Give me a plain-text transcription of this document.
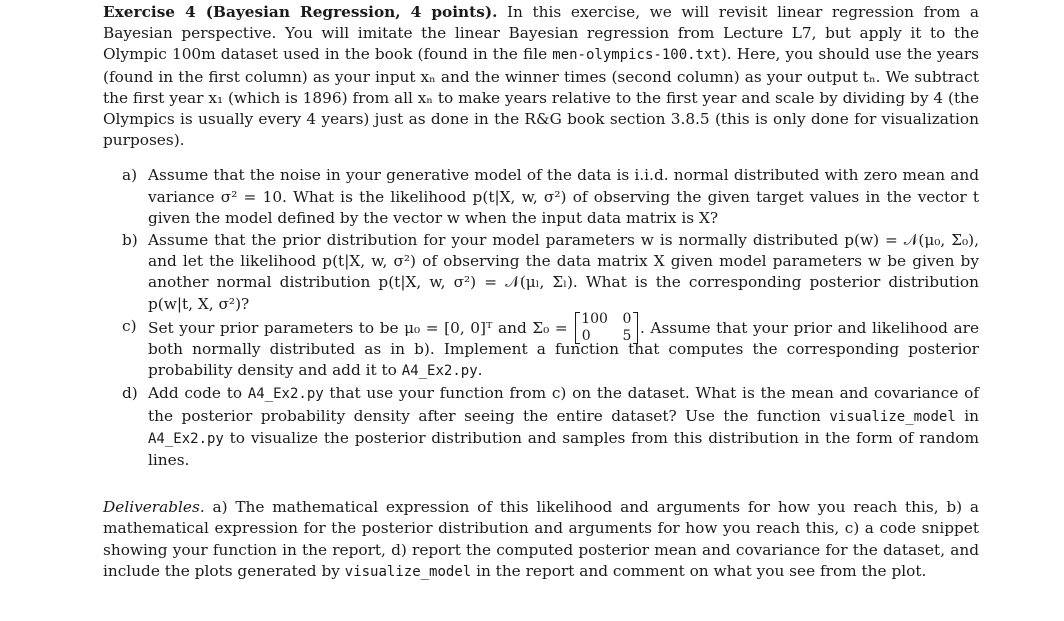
Exercise 4 (Bayesian Regression, 4 points). In this exercise, we will revisit linear regression from a Bayesian perspective. You will imitate the linear Bayesian regression from Lecture L7, but apply it to the Olympic 100m dataset used in the book (found in the file men-olympics-100.txt). Here, you should use the years (found in the first column) as your input xₙ and the winner times (second column) as your output tₙ. We subtract the first year x₁ (which is 1896) from all xₙ to make years relative to the first year and scale by dividing by 4 (the Olympics is usually every 4 years) just as done in the R&G book section 3.8.5 (this is only done for visualization purposes).

a) Assume that the noise in your generative model of the data is i.i.d. normal distributed with zero mean and variance σ² = 10. What is the likelihood p(t|X, w, σ²) of observing the given target values in the vector t given the model defined by the vector w when the input data matrix is X?
b) Assume that the prior distribution for your model parameters w is normally distributed p(w) = 𝒩(μ₀, Σ₀), and let the likelihood p(t|X, w, σ²) of observing the data matrix X given model parameters w be given by another normal distribution p(t|X, w, σ²) = 𝒩(μₗ, Σₗ). What is the corresponding posterior distribution p(w|t, X, σ²)?
c) Set your prior parameters to be μ₀ = [0, 0]ᵀ and Σ₀ = 100 0
0 5 . Assume that your prior and likelihood are both normally distributed as in b). Implement a function that computes the corresponding posterior probability density and add it to A4_Ex2.py.
d) Add code to A4_Ex2.py that use your function from c) on the dataset. What is the mean and covariance of the posterior probability density after seeing the entire dataset? Use the function visualize_model in A4_Ex2.py to visualize the posterior distribution and samples from this distribution in the form of random lines.

Deliverables. a) The mathematical expression of this likelihood and arguments for how you reach this, b) a mathematical expression for the posterior distribution and arguments for how you reach this, c) a code snippet showing your function in the report, d) report the computed posterior mean and covariance for the dataset, and include the plots generated by visualize_model in the report and comment on what you see from the plot.
